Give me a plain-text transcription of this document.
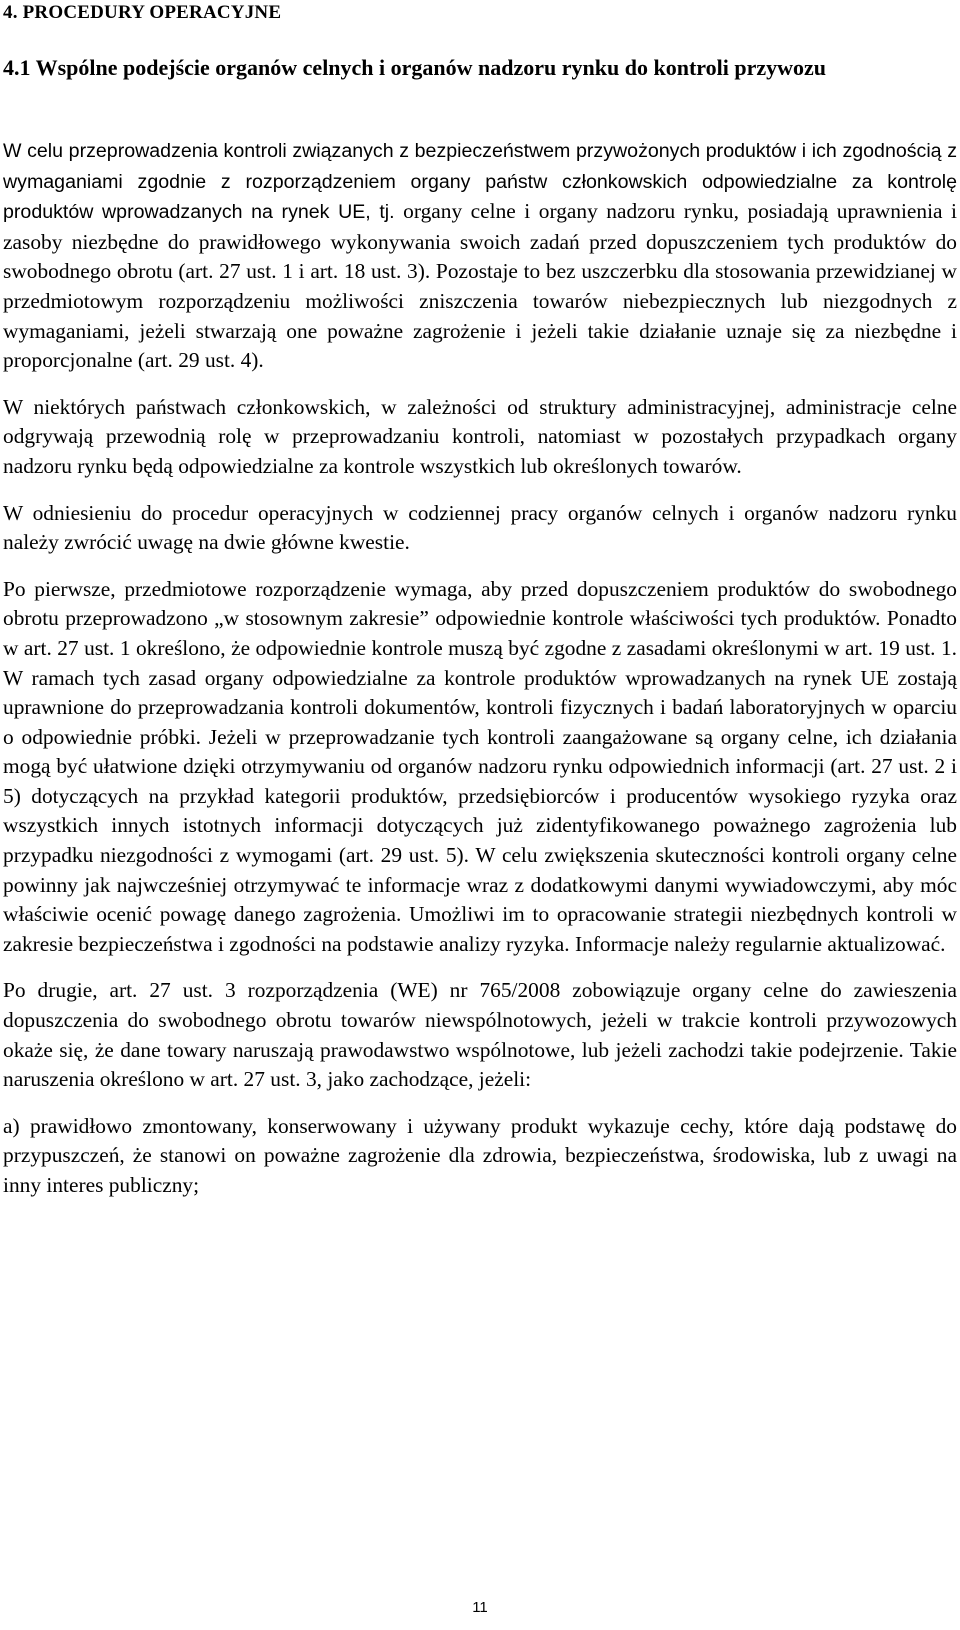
4. PROCEDURY OPERACYJNE
4.1 Wspólne podejście organów celnych i organów nadzoru rynku do kontroli przywozu

W celu przeprowadzenia kontroli związanych z bezpieczeństwem przywożonych produktów i ich zgodnością z wymaganiami zgodnie z rozporządzeniem organy państw członkowskich odpowiedzialne za kontrolę produktów wprowadzanych na rynek UE, tj. organy celne i organy nadzoru rynku, posiadają uprawnienia i zasoby niezbędne do prawidłowego wykonywania swoich zadań przed dopuszczeniem tych produktów do swobodnego obrotu (art. 27 ust. 1 i art. 18 ust. 3). Pozostaje to bez uszczerbku dla stosowania przewidzianej w przedmiotowym rozporządzeniu możliwości zniszczenia towarów niebezpiecznych lub niezgodnych z wymaganiami, jeżeli stwarzają one poważne zagrożenie i jeżeli takie działanie uznaje się za niezbędne i proporcjonalne (art. 29 ust. 4).

W niektórych państwach członkowskich, w zależności od struktury administracyjnej, administracje celne odgrywają przewodnią rolę w przeprowadzaniu kontroli, natomiast w pozostałych przypadkach organy nadzoru rynku będą odpowiedzialne za kontrole wszystkich lub określonych towarów.

W odniesieniu do procedur operacyjnych w codziennej pracy organów celnych i organów nadzoru rynku należy zwrócić uwagę na dwie główne kwestie.

Po pierwsze, przedmiotowe rozporządzenie wymaga, aby przed dopuszczeniem produktów do swobodnego obrotu przeprowadzono „w stosownym zakresie” odpowiednie kontrole właściwości tych produktów. Ponadto w art. 27 ust. 1 określono, że odpowiednie kontrole muszą być zgodne z zasadami określonymi w art. 19 ust. 1. W ramach tych zasad organy odpowiedzialne za kontrole produktów wprowadzanych na rynek UE zostają uprawnione do przeprowadzania kontroli dokumentów, kontroli fizycznych i badań laboratoryjnych w oparciu o odpowiednie próbki. Jeżeli w przeprowadzanie tych kontroli zaangażowane są organy celne, ich działania mogą być ułatwione dzięki otrzymywaniu od organów nadzoru rynku odpowiednich informacji (art. 27 ust. 2 i 5) dotyczących na przykład kategorii produktów, przedsiębiorców i producentów wysokiego ryzyka oraz wszystkich innych istotnych informacji dotyczących już zidentyfikowanego poważnego zagrożenia lub przypadku niezgodności z wymogami (art. 29 ust. 5). W celu zwiększenia skuteczności kontroli organy celne powinny jak najwcześniej otrzymywać te informacje wraz z dodatkowymi danymi wywiadowczymi, aby móc właściwie ocenić powagę danego zagrożenia. Umożliwi im to opracowanie strategii niezbędnych kontroli w zakresie bezpieczeństwa i zgodności na podstawie analizy ryzyka. Informacje należy regularnie aktualizować.

Po drugie, art. 27 ust. 3 rozporządzenia (WE) nr 765/2008 zobowiązuje organy celne do zawieszenia dopuszczenia do swobodnego obrotu towarów niewspólnotowych, jeżeli w trakcie kontroli przywozowych okaże się, że dane towary naruszają prawodawstwo wspólnotowe, lub jeżeli zachodzi takie podejrzenie. Takie naruszenia określono w art. 27 ust. 3, jako zachodzące, jeżeli:

a) prawidłowo zmontowany, konserwowany i używany produkt wykazuje cechy, które dają podstawę do przypuszczeń, że stanowi on poważne zagrożenie dla zdrowia, bezpieczeństwa, środowiska, lub z uwagi na inny interes publiczny;

11
